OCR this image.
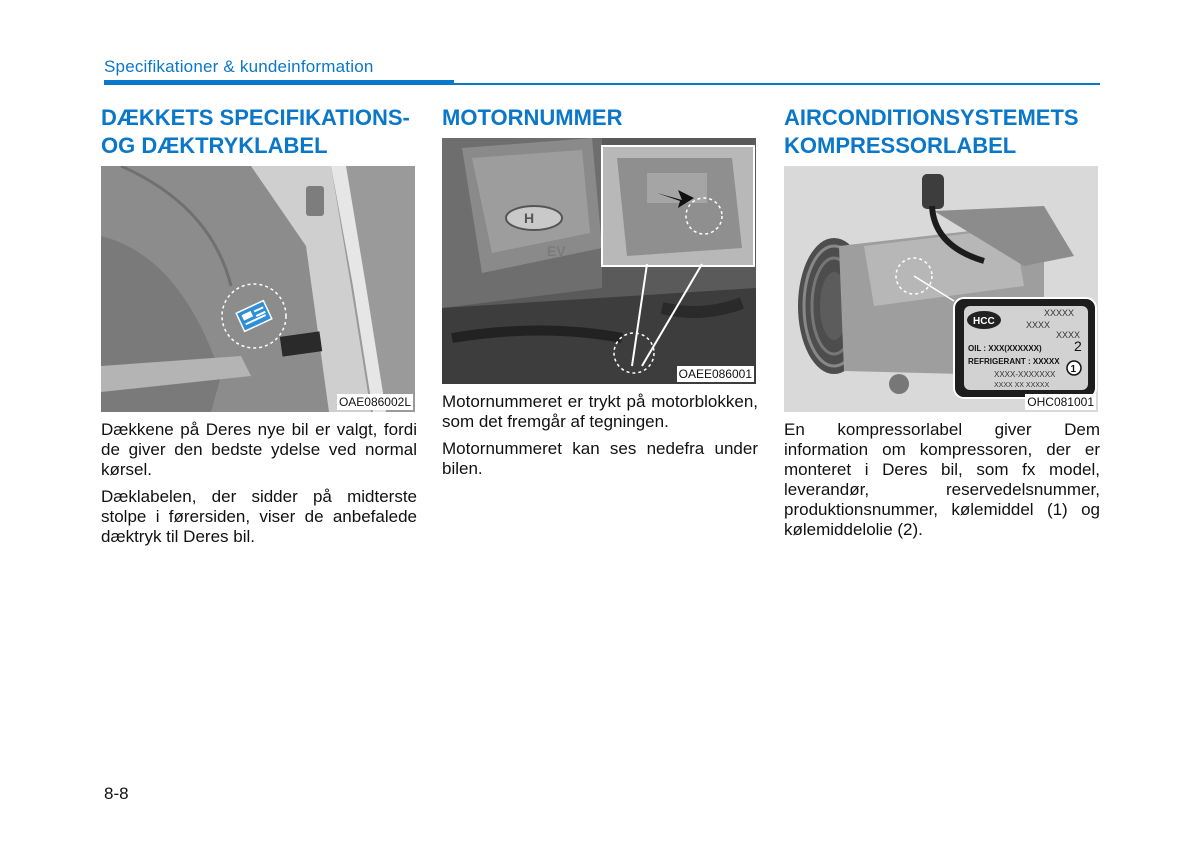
Specifikationer & kundeinformation
DÆKKETS SPECIFIKATIONS-
OG DÆKTRYKLABEL
OAE086002L

Dækkene på Deres nye bil er valgt, fordi de giver den bedste ydelse ved normal kørsel.

Dæklabelen, der sidder på midterste stolpe i førersiden, viser de anbefalede dæktryk til Deres bil.

MOTORNUMMER
H
EV
OAEE086001

Motornummeret er trykt på motorblokken, som det fremgår af tegningen.

Motornummeret kan ses nedefra under bilen.

AIRCONDITIONSYSTEMETS
KOMPRESSORLABEL
HCC
XXXXX
XXXX
XXXX
OIL : XXX(XXXXXX)
REFRIGERANT : XXXXX
XXXX-XXXXXXX
XXXX XX XXXXX
2
1
OHC081001

En kompressorlabel giver Dem information om kompressoren, der er monteret i Deres bil, som fx model, leverandør, reservedelsnummer, produktionsnummer, kølemiddel (1) og kølemiddelolie (2).

8-8
